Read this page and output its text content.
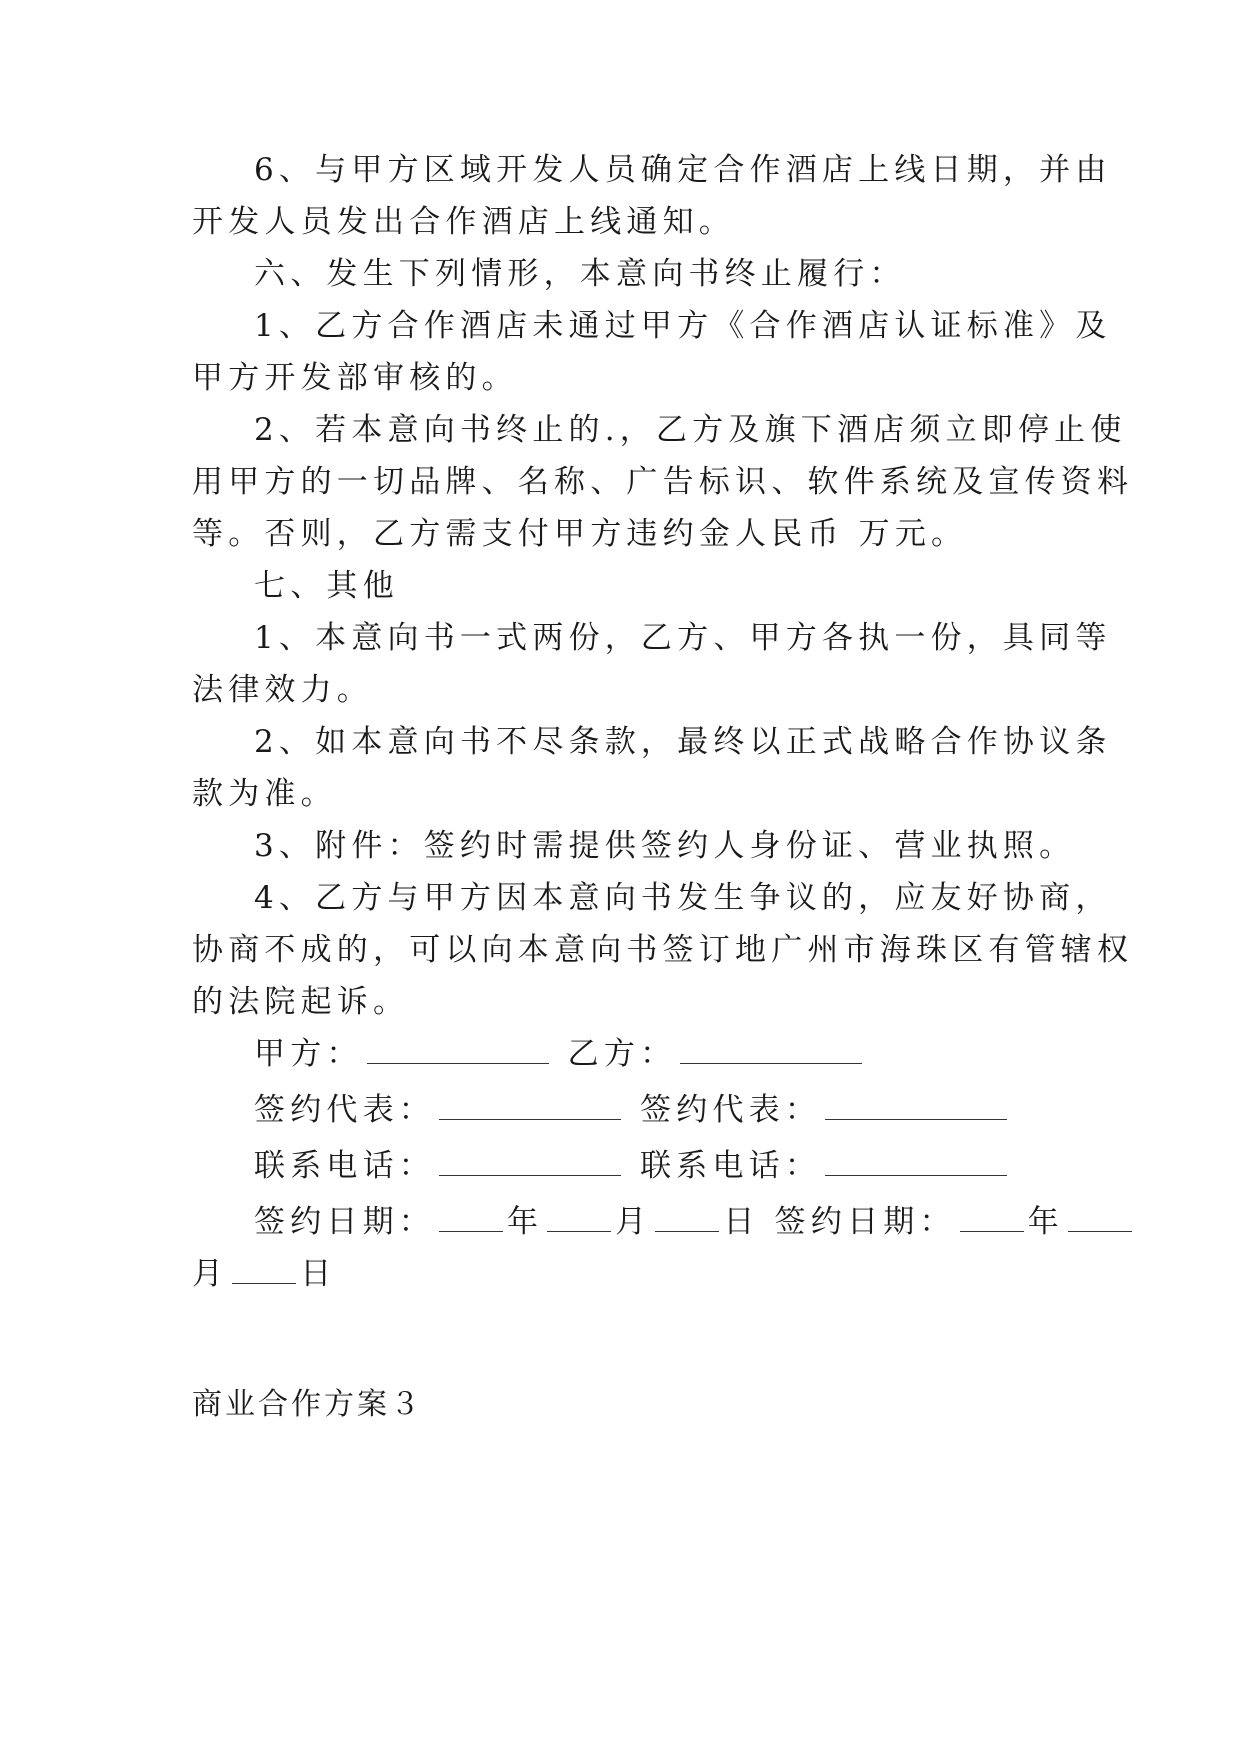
6、与甲方区域开发人员确定合作酒店上线日期，并由
开发人员发出合作酒店上线通知。
六、发生下列情形，本意向书终止履行：
1、乙方合作酒店未通过甲方《合作酒店认证标准》及
甲方开发部审核的。
2、若本意向书终止的.，乙方及旗下酒店须立即停止使
用甲方的一切品牌、名称、广告标识、软件系统及宣传资料
等。否则，乙方需支付甲方违约金人民币 万元。
七、其他
1、本意向书一式两份，乙方、甲方各执一份，具同等
法律效力。
2、如本意向书不尽条款，最终以正式战略合作协议条
款为准。
3、附件：签约时需提供签约人身份证、营业执照。
4、乙方与甲方因本意向书发生争议的，应友好协商，
协商不成的，可以向本意向书签订地广州市海珠区有管辖权
的法院起诉。
甲方：	乙方：
签约代表：	签约代表：
联系电话：	联系电话：
签约日期： 年 月 日 签约日期： 年
月 日
商业合作方案３
